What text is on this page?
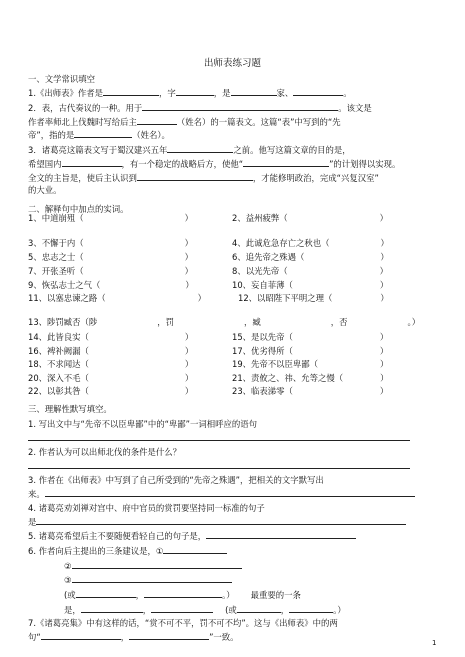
出师表练习题
一、文学常识填空
1.《出师表》作者是	，字	，是	家、	。
2．表，古代奏议的一种。用于	。该文是
作者率师北上伐魏时写给后主	（姓名）的一篇表文。这篇“表”中写到的“先
帝”，指的是	（姓名）。
3．诸葛亮这篇表文写于蜀汉建兴五年	之前。他写这篇文章的目的是，
希望国内	，有一个稳定的战略后方，使他“	”的计划得以实现。
全文的主旨是，使后主认识到	，才能修明政治，完成“兴复汉室”
的大业。
二、解释句中加点的实词。
1、中道崩殂（	）	2、益州疲弊（	）
3、不懈于内（	）	4、此诚危急存亡之秋也（	）
5、忠志之士（	）	6、追先帝之殊遇（	）
7、开张圣听（	）	8、以光先帝（	）
9、恢弘志士之气（	）	10、妄自菲薄（	）
11、以塞忠谏之路（	）	12、以昭陛下平明之理（	）
13、陟罚臧否（陟	，罚	，臧	，否	。）
14、此皆良实（	）	15、是以先帝（	）
16、裨补阙漏（	）	17、优劣得所（	）
18、不求闻达（	）	19、先帝不以臣卑鄙（	）
20、深入不毛（	）	21、责攸之、祎、允等之慢（	）
22、以彰其咎（	）	23、临表涕零（	）
三、理解性默写填空。
1. 写出文中与“先帝不以臣卑鄙”中的“卑鄙”一词相呼应的语句
2. 作者认为可以出师北伐的条件是什么？
3. 作者在《出师表》中写到了自己所受到的“先帝之殊遇”，把相关的文字默写出
来。
4. 诸葛亮劝刘禅对宫中、府中官员的赏罚要坚持同一标准的句子
是
5. 诸葛亮希望后主不要随便看轻自己的句子是，
6. 作者向后主提出的三条建议是，①
②
③
(或	，	。） 最重要的一条
是，	，	(或	，	。）
7.《诸葛亮集》中有这样的话，“赏不可不平，罚不可不均”。这与《出师表》中的两
句“	，	”一致。
1
